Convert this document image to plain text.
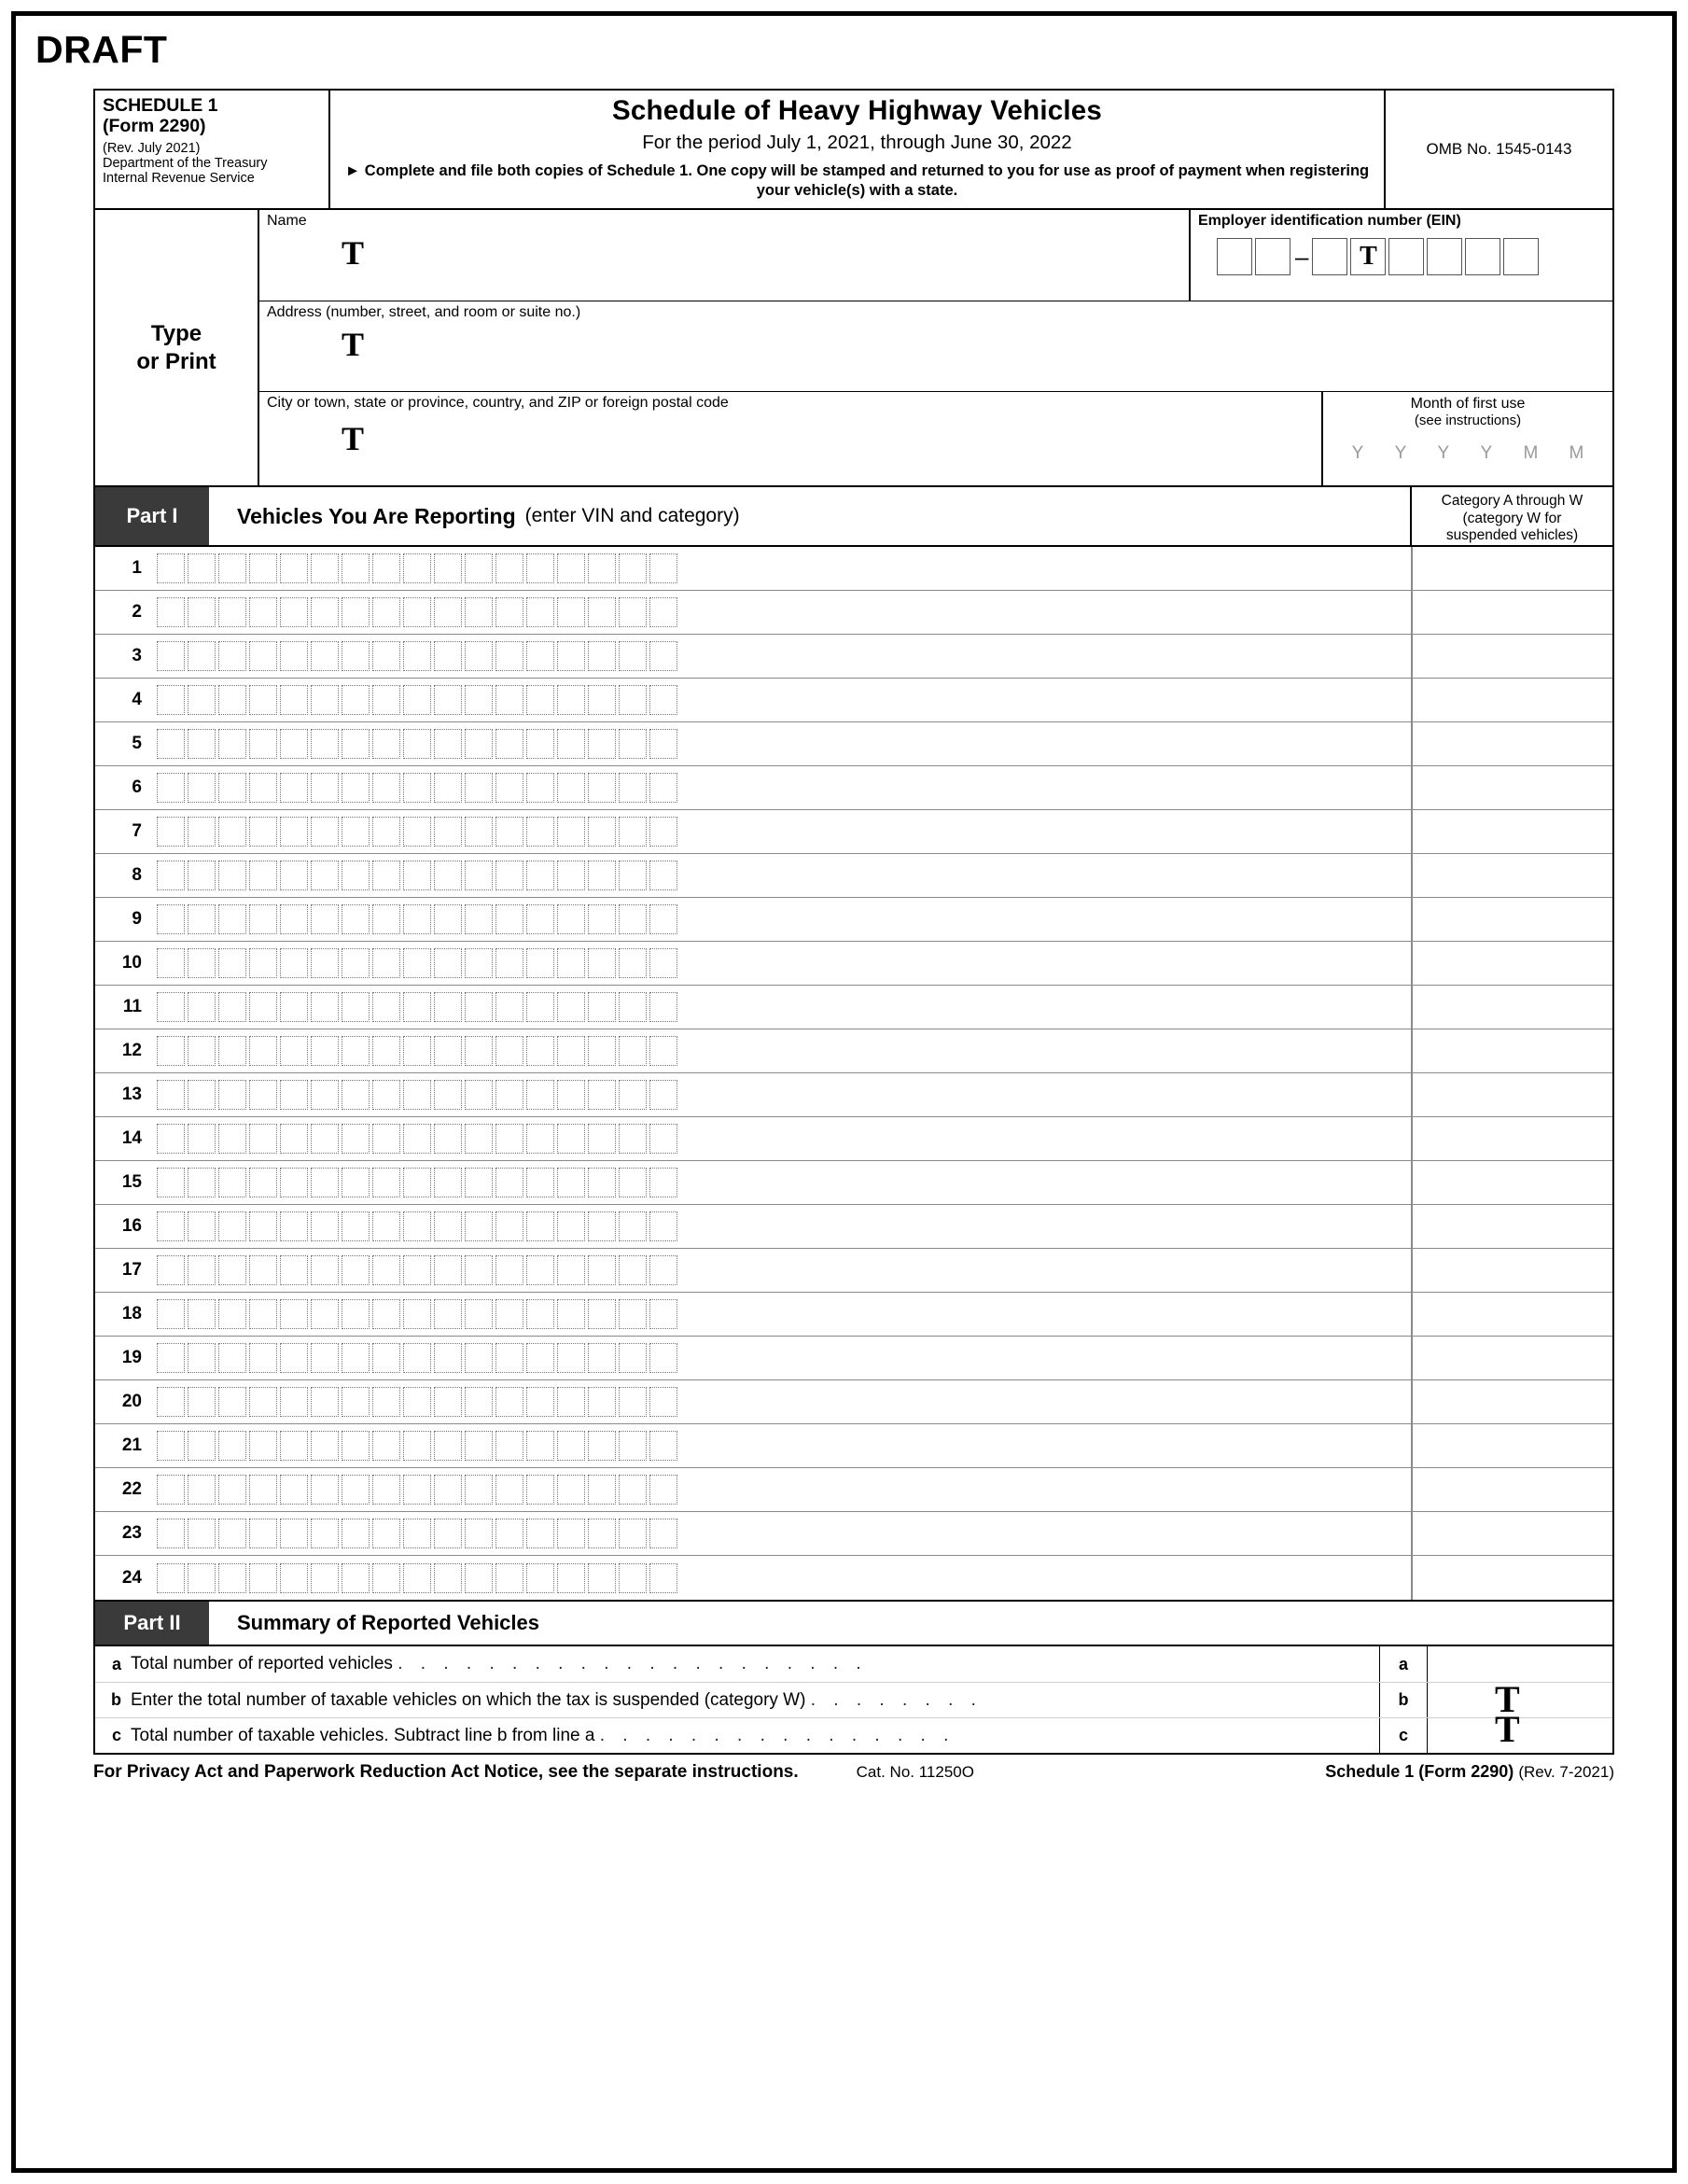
DRAFT
SCHEDULE 1
(Form 2290)
(Rev. July 2021)
Department of the Treasury
Internal Revenue Service
Schedule of Heavy Highway Vehicles
For the period July 1, 2021, through June 30, 2022
► Complete and file both copies of Schedule 1. One copy will be stamped and returned to you for use as proof of payment when registering your vehicle(s) with a state.
OMB No. 1545-0143
Type
or Print
Name
T
Employer identification number (EIN)
–	T
Address (number, street, and room or suite no.)
T
City or town, state or province, country, and ZIP or foreign postal code
T
Month of first use
(see instructions)
Y Y Y Y M M
Part I	Vehicles You Are Reporting (enter VIN and category)
Category A through W
(category W for
suspended vehicles)
1
2
3
4
5
6
7
8
9
10
11
12
13
14
15
16
17
18
19
20
21
22
23
24
Part II	Summary of Reported Vehicles
a Total number of reported vehicles . . . . . . . . . . . . . . . . . . . . .	a
b Enter the total number of taxable vehicles on which the tax is suspended (category W) . . . . . . . .	b	T
c Total number of taxable vehicles. Subtract line b from line a . . . . . . . . . . . . . . . .	c	T
For Privacy Act and Paperwork Reduction Act Notice, see the separate instructions.	Cat. No. 11250O	Schedule 1 (Form 2290) (Rev. 7-2021)
